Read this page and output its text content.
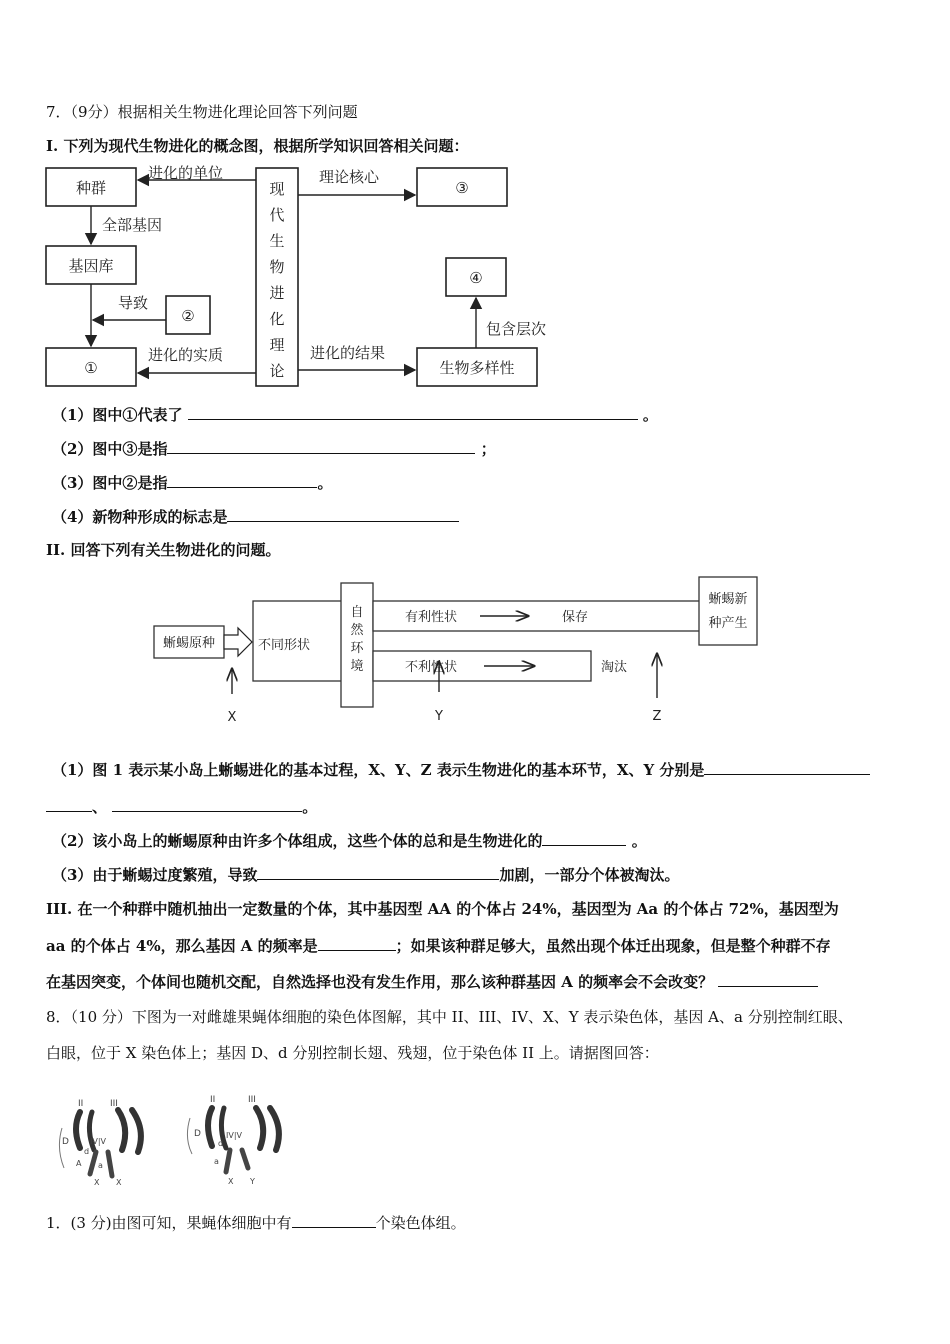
7．（9分）根据相关生物进化理论回答下列问题
I. 下列为现代生物进化的概念图，根据所学知识回答相关问题：
现
代
生
物
进
化
理
论
种群
基因库
①
②
③
④
生物多样性
进化的单位
全部基因
导致
进化的实质
理论核心
进化的结果
包含层次
（1）图中①代表了	。
（2）图中③是指	；
（3）图中②是指	。
（4）新物种形成的标志是
II. 回答下列有关生物进化的问题。
蜥蜴原种	不同形状
自
然
环
境
有利性状	保存
不利性状	淘汰
蜥蜴新
种产生
X	Y	Z
（1）图 1 表示某小岛上蜥蜴进化的基本过程，X、Y、Z 表示生物进化的基本环节，X、Y 分别是
、	。
（2）该小岛上的蜥蜴原种由许多个体组成，这些个体的总和是生物进化的	。
（3）由于蜥蜴过度繁殖，导致	加剧，一部分个体被淘汰。
III. 在一个种群中随机抽出一定数量的个体，其中基因型 AA 的个体占 24%，基因型为 Aa 的个体占 72%，基因型为
aa 的个体占 4%，那么基因 A 的频率是	；如果该种群足够大，虽然出现个体迁出现象，但是整个种群不存
在基因突变，个体间也随机交配，自然选择也没有发生作用，那么该种群基因 A 的频率会不会改变？
8．（10 分）下图为一对雌雄果蝇体细胞的染色体图解，其中 II、III、IV、X、Y 表示染色体，基因 A、a 分别控制红眼、
白眼，位于 X 染色体上；基因 D、d 分别控制长翅、残翅，位于染色体 II 上。请据图回答：
II	III
D	IV|V
d
A a
X X
II	III
D	IV|V
d
a
X Y
1．(3 分)由图可知，果蝇体细胞中有	个染色体组。
